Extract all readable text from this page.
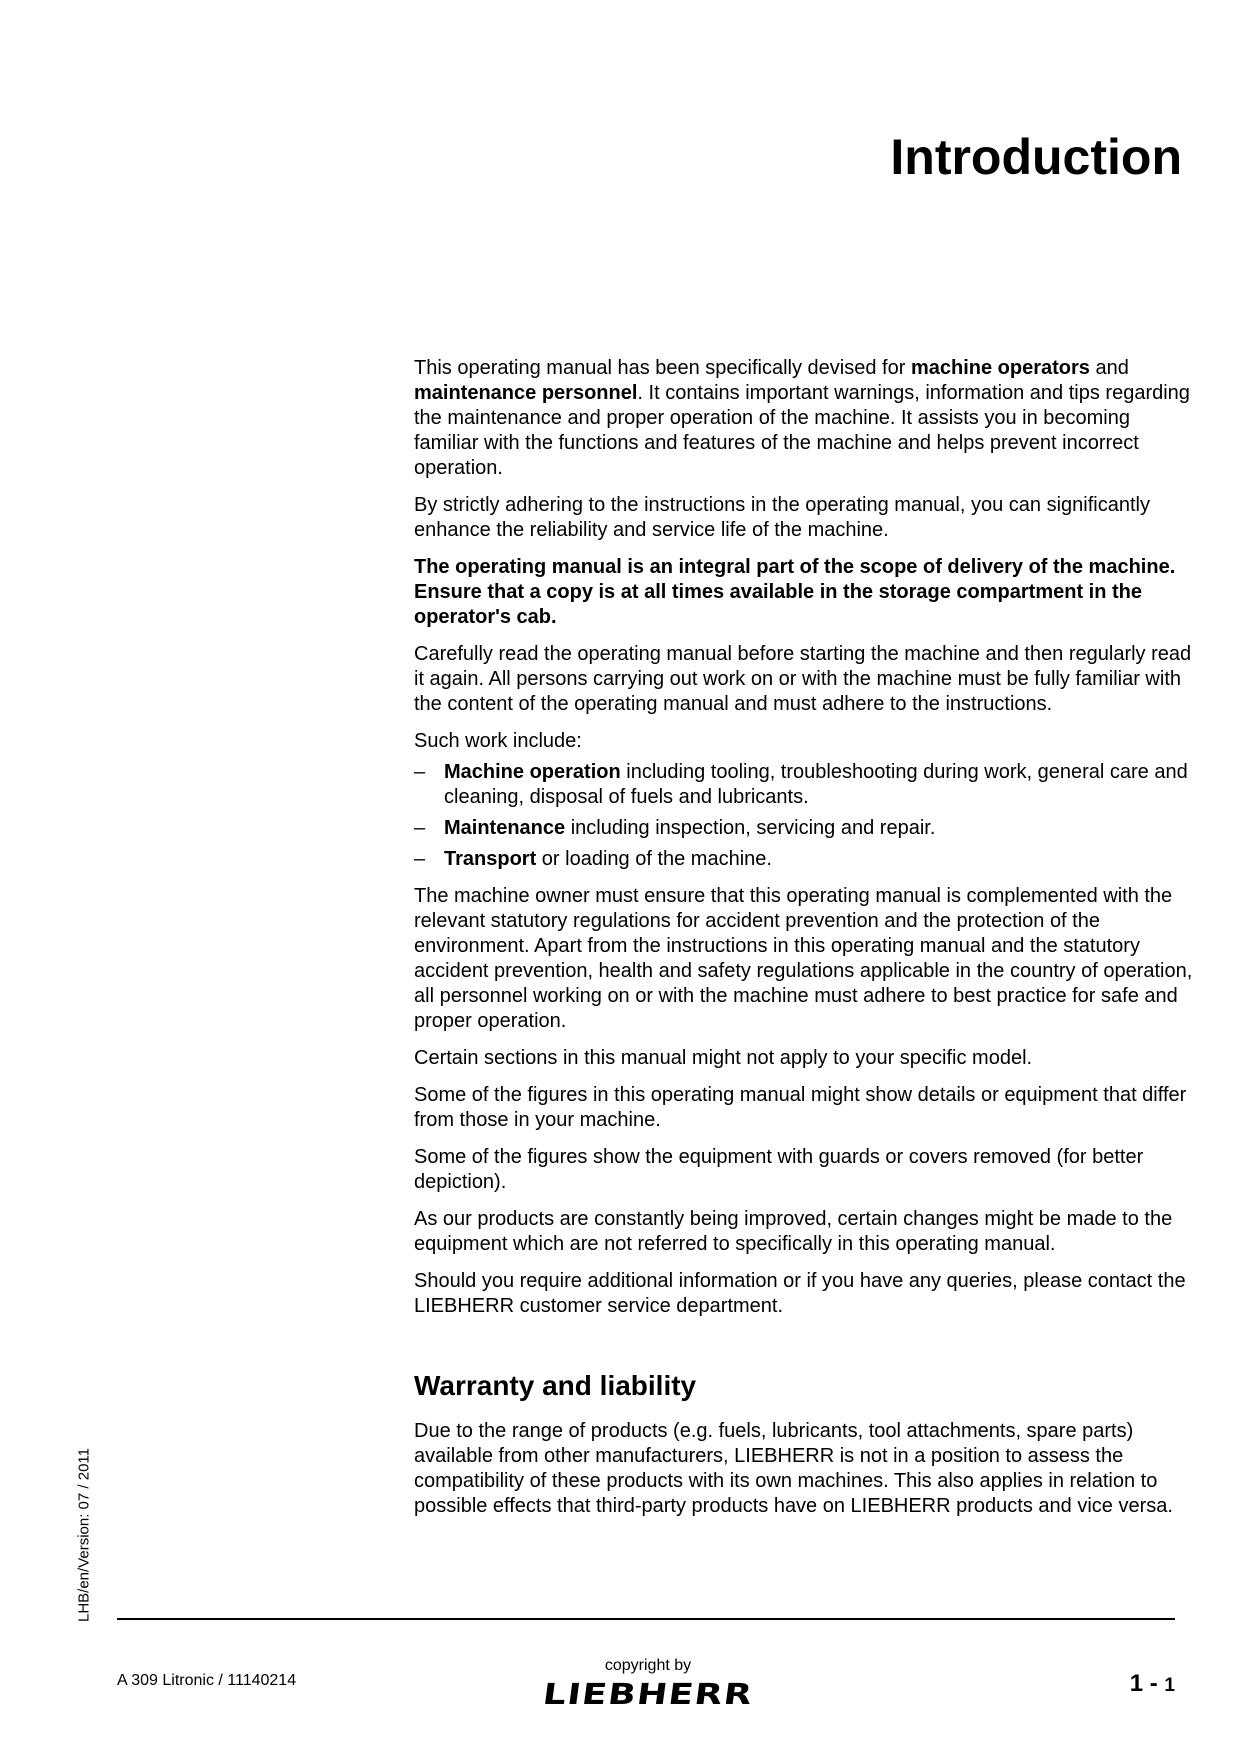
Introduction

This operating manual has been specifically devised for machine operators and maintenance personnel. It contains important warnings, information and tips regarding the maintenance and proper operation of the machine. It assists you in becoming familiar with the functions and features of the machine and helps prevent incorrect operation.

By strictly adhering to the instructions in the operating manual, you can significantly enhance the reliability and service life of the machine.

The operating manual is an integral part of the scope of delivery of the machine. Ensure that a copy is at all times available in the storage compartment in the operator's cab.

Carefully read the operating manual before starting the machine and then regularly read it again. All persons carrying out work on or with the machine must be fully familiar with the content of the operating manual and must adhere to the instructions.

Such work include:

– Machine operation including tooling, troubleshooting during work, general care and cleaning, disposal of fuels and lubricants.
– Maintenance including inspection, servicing and repair.
– Transport or loading of the machine.

The machine owner must ensure that this operating manual is complemented with the relevant statutory regulations for accident prevention and the protection of the environment. Apart from the instructions in this operating manual and the statutory accident prevention, health and safety regulations applicable in the country of operation, all personnel working on or with the machine must adhere to best practice for safe and proper operation.

Certain sections in this manual might not apply to your specific model.

Some of the figures in this operating manual might show details or equipment that differ from those in your machine.

Some of the figures show the equipment with guards or covers removed (for better depiction).

As our products are constantly being improved, certain changes might be made to the equipment which are not referred to specifically in this operating manual.

Should you require additional information or if you have any queries, please contact the LIEBHERR customer service department.

Warranty and liability

Due to the range of products (e.g. fuels, lubricants, tool attachments, spare parts) available from other manufacturers, LIEBHERR is not in a position to assess the compatibility of these products with its own machines. This also applies in relation to possible effects that third-party products have on LIEBHERR products and vice versa.

LHB/en/Version: 07 / 2011
A 309 Litronic / 11140214
copyright by
LIEBHERR	1 - 1
